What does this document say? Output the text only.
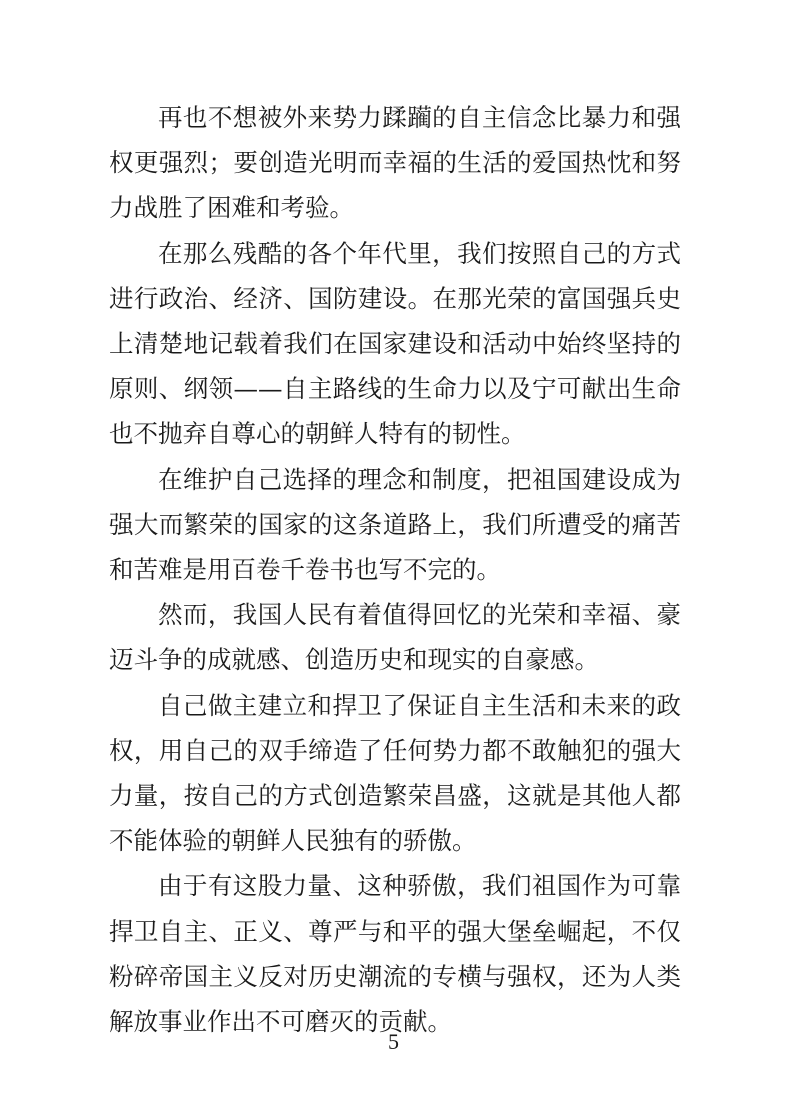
再也不想被外来势力蹂躏的自主信念比暴力和强权更强烈；要创造光明而幸福的生活的爱国热忱和努力战胜了困难和考验。

在那么残酷的各个年代里，我们按照自己的方式进行政治、经济、国防建设。在那光荣的富国强兵史上清楚地记载着我们在国家建设和活动中始终坚持的原则、纲领——自主路线的生命力以及宁可献出生命也不抛弃自尊心的朝鲜人特有的韧性。

在维护自己选择的理念和制度，把祖国建设成为强大而繁荣的国家的这条道路上，我们所遭受的痛苦和苦难是用百卷千卷书也写不完的。

然而，我国人民有着值得回忆的光荣和幸福、豪迈斗争的成就感、创造历史和现实的自豪感。

自己做主建立和捍卫了保证自主生活和未来的政权，用自己的双手缔造了任何势力都不敢触犯的强大力量，按自己的方式创造繁荣昌盛，这就是其他人都不能体验的朝鲜人民独有的骄傲。

由于有这股力量、这种骄傲，我们祖国作为可靠捍卫自主、正义、尊严与和平的强大堡垒崛起，不仅粉碎帝国主义反对历史潮流的专横与强权，还为人类解放事业作出不可磨灭的贡献。

5
